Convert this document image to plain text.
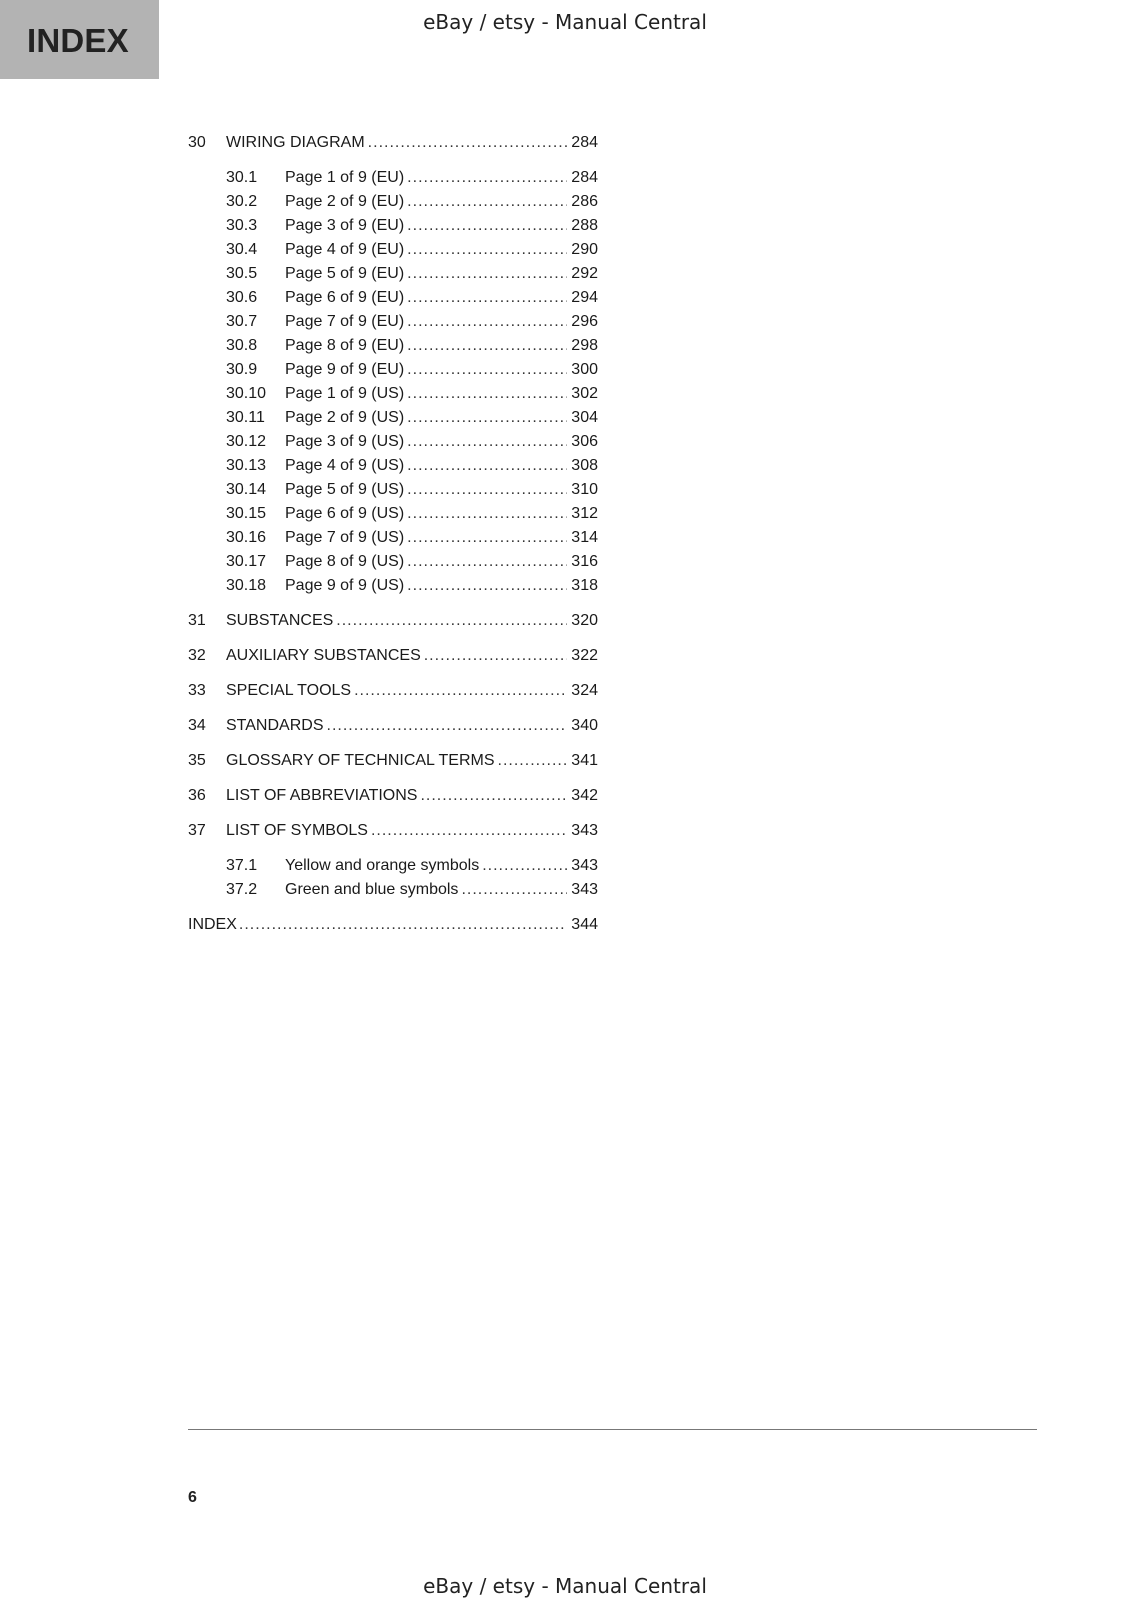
INDEX	eBay / etsy - Manual Central
30	WIRING DIAGRAM .....	284
30.1	Page 1 of 9 (EU) .....	284
30.2	Page 2 of 9 (EU) .....	286
30.3	Page 3 of 9 (EU) .....	288
30.4	Page 4 of 9 (EU) .....	290
30.5	Page 5 of 9 (EU) .....	292
30.6	Page 6 of 9 (EU) .....	294
30.7	Page 7 of 9 (EU) .....	296
30.8	Page 8 of 9 (EU) .....	298
30.9	Page 9 of 9 (EU) .....	300
30.10	Page 1 of 9 (US) .....	302
30.11	Page 2 of 9 (US) .....	304
30.12	Page 3 of 9 (US) .....	306
30.13	Page 4 of 9 (US) .....	308
30.14	Page 5 of 9 (US) .....	310
30.15	Page 6 of 9 (US) .....	312
30.16	Page 7 of 9 (US) .....	314
30.17	Page 8 of 9 (US) .....	316
30.18	Page 9 of 9 (US) .....	318
31	SUBSTANCES .....	320
32	AUXILIARY SUBSTANCES .....	322
33	SPECIAL TOOLS .....	324
34	STANDARDS .....	340
35	GLOSSARY OF TECHNICAL TERMS .....	341
36	LIST OF ABBREVIATIONS .....	342
37	LIST OF SYMBOLS .....	343
37.1	Yellow and orange symbols .....	343
37.2	Green and blue symbols .....	343
INDEX .....	344
6
eBay / etsy - Manual Central
